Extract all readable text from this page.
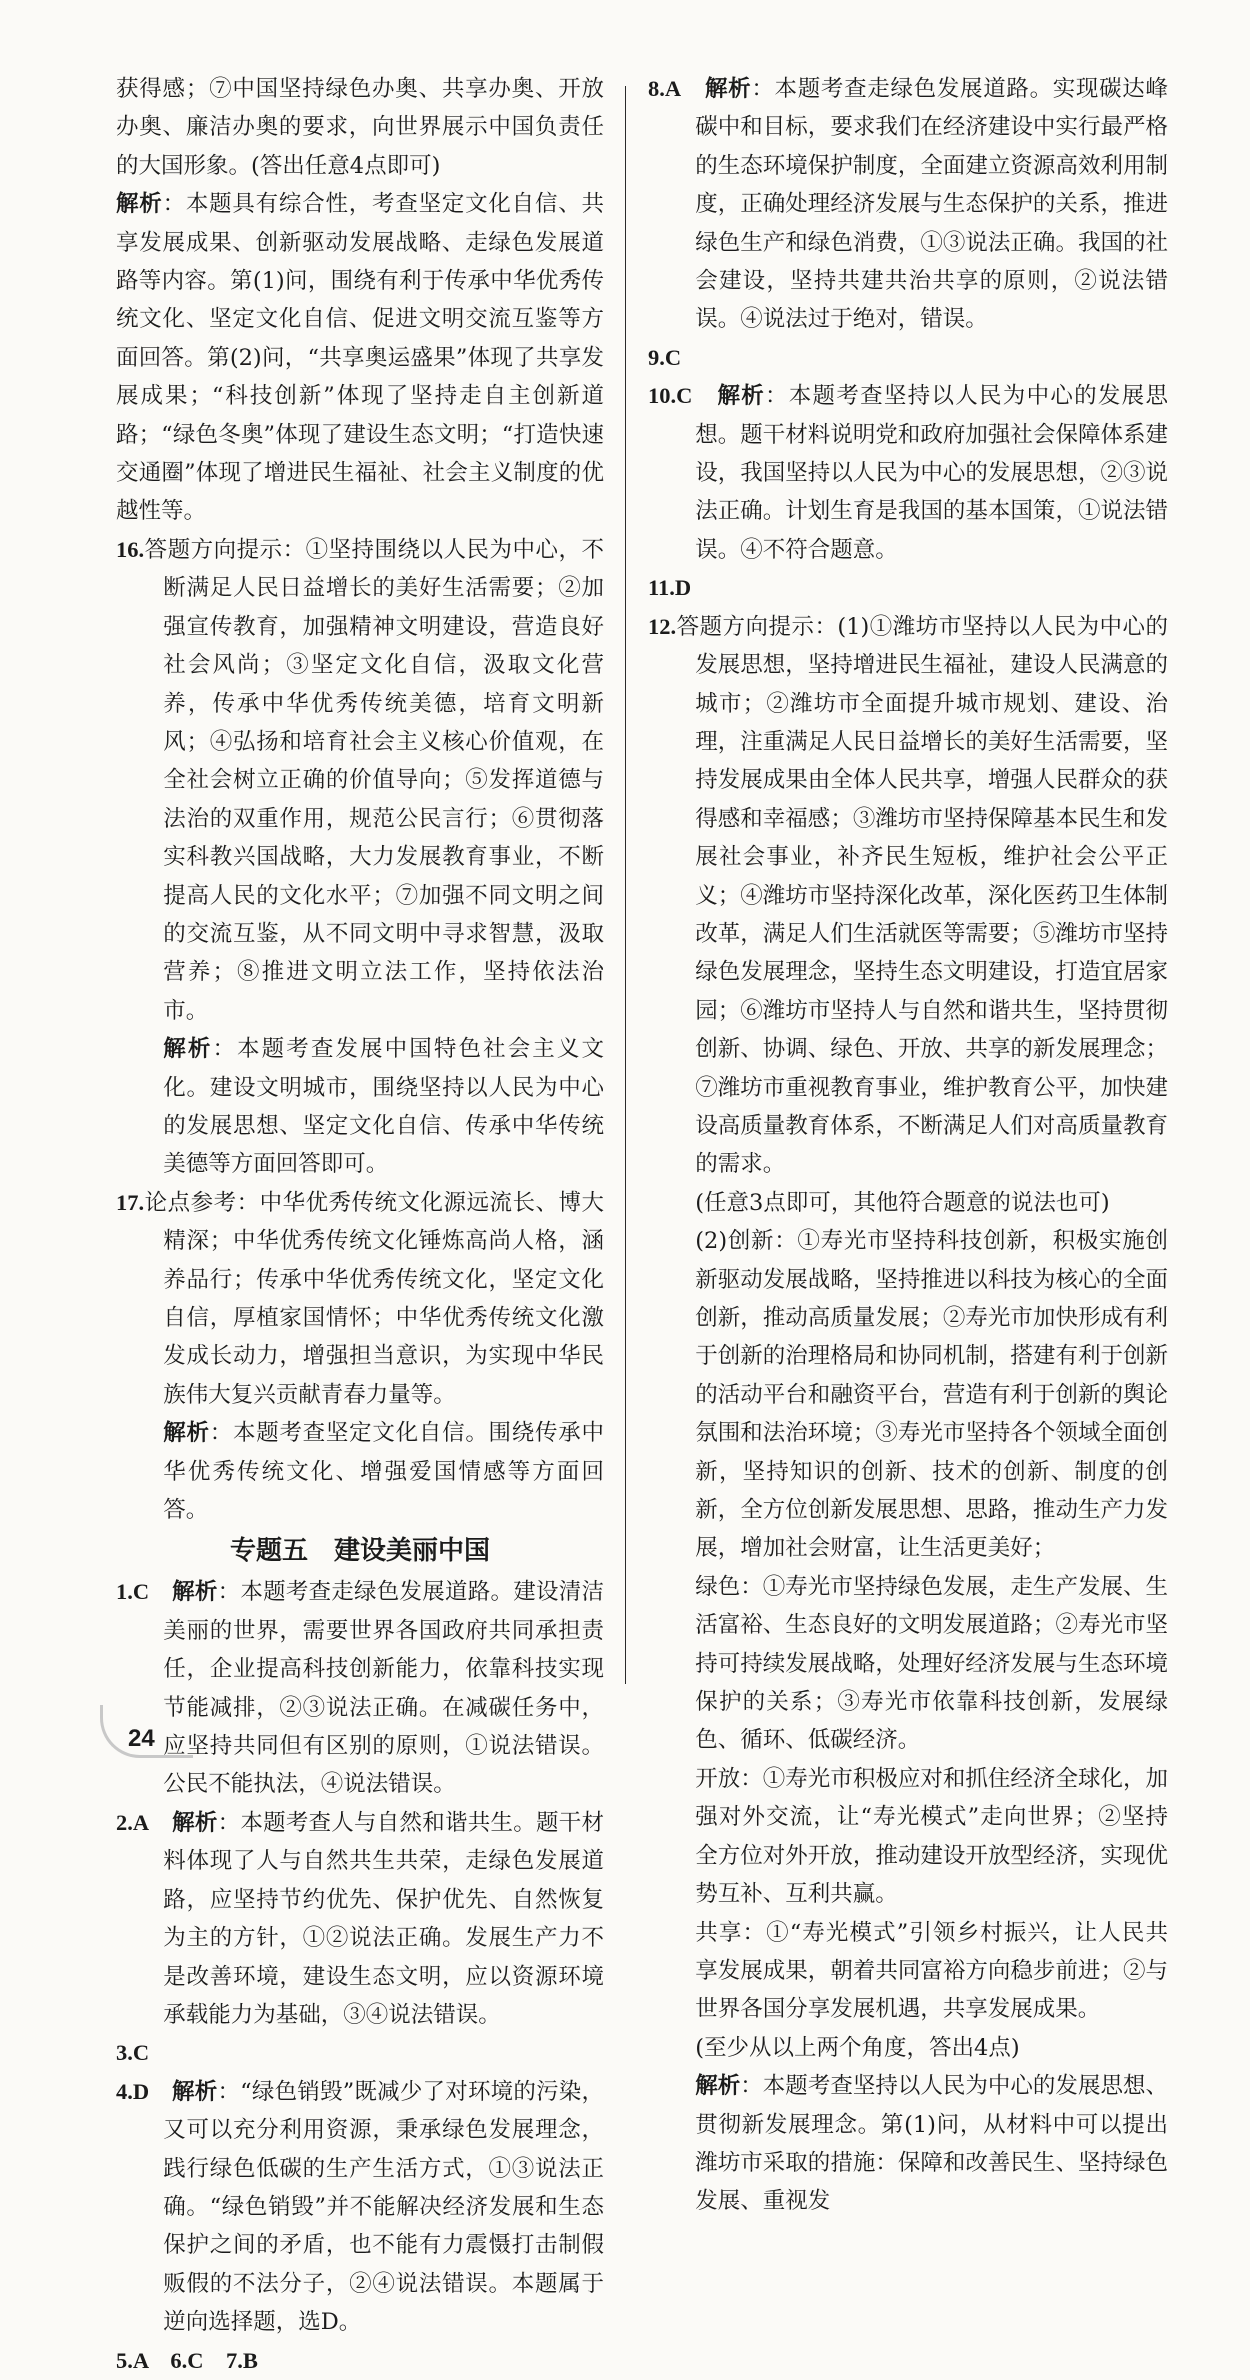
获得感；⑦中国坚持绿色办奥、共享办奥、开放办奥、廉洁办奥的要求，向世界展示中国负责任的大国形象。(答出任意4点即可)

解析：本题具有综合性，考查坚定文化自信、共享发展成果、创新驱动发展战略、走绿色发展道路等内容。第(1)问，围绕有利于传承中华优秀传统文化、坚定文化自信、促进文明交流互鉴等方面回答。第(2)问，“共享奥运盛果”体现了共享发展成果；“科技创新”体现了坚持走自主创新道路；“绿色冬奥”体现了建设生态文明；“打造快速交通圈”体现了增进民生福祉、社会主义制度的优越性等。

16.答题方向提示：①坚持围绕以人民为中心，不断满足人民日益增长的美好生活需要；②加强宣传教育，加强精神文明建设，营造良好社会风尚；③坚定文化自信，汲取文化营养，传承中华优秀传统美德，培育文明新风；④弘扬和培育社会主义核心价值观，在全社会树立正确的价值导向；⑤发挥道德与法治的双重作用，规范公民言行；⑥贯彻落实科教兴国战略，大力发展教育事业，不断提高人民的文化水平；⑦加强不同文明之间的交流互鉴，从不同文明中寻求智慧，汲取营养；⑧推进文明立法工作，坚持依法治市。

解析：本题考查发展中国特色社会主义文化。建设文明城市，围绕坚持以人民为中心的发展思想、坚定文化自信、传承中华传统美德等方面回答即可。

17.论点参考：中华优秀传统文化源远流长、博大精深；中华优秀传统文化锤炼高尚人格，涵养品行；传承中华优秀传统文化，坚定文化自信，厚植家国情怀；中华优秀传统文化激发成长动力，增强担当意识，为实现中华民族伟大复兴贡献青春力量等。

解析：本题考查坚定文化自信。围绕传承中华优秀传统文化、增强爱国情感等方面回答。

专题五　建设美丽中国

1.C　 解析：本题考查走绿色发展道路。建设清洁美丽的世界，需要世界各国政府共同承担责任，企业提高科技创新能力，依靠科技实现节能减排，②③说法正确。在减碳任务中，应坚持共同但有区别的原则，①说法错误。公民不能执法，④说法错误。

2.A　 解析：本题考查人与自然和谐共生。题干材料体现了人与自然共生共荣，走绿色发展道路，应坚持节约优先、保护优先、自然恢复为主的方针，①②说法正确。发展生产力不是改善环境，建设生态文明，应以资源环境承载能力为基础，③④说法错误。

3.C

4.D　 解析：“绿色销毁”既减少了对环境的污染，又可以充分利用资源，秉承绿色发展理念，践行绿色低碳的生产生活方式，①③说法正确。“绿色销毁”并不能解决经济发展和生态保护之间的矛盾，也不能有力震慑打击制假贩假的不法分子，②④说法错误。本题属于逆向选择题，选D。

5.A　6.C　7.B

8.A　 解析：本题考查走绿色发展道路。实现碳达峰碳中和目标，要求我们在经济建设中实行最严格的生态环境保护制度，全面建立资源高效利用制度，正确处理经济发展与生态保护的关系，推进绿色生产和绿色消费，①③说法正确。我国的社会建设，坚持共建共治共享的原则，②说法错误。④说法过于绝对，错误。

9.C

10.C　 解析：本题考查坚持以人民为中心的发展思想。题干材料说明党和政府加强社会保障体系建设，我国坚持以人民为中心的发展思想，②③说法正确。计划生育是我国的基本国策，①说法错误。④不符合题意。

11.D

12.答题方向提示：(1)①潍坊市坚持以人民为中心的发展思想，坚持增进民生福祉，建设人民满意的城市；②潍坊市全面提升城市规划、建设、治理，注重满足人民日益增长的美好生活需要，坚持发展成果由全体人民共享，增强人民群众的获得感和幸福感；③潍坊市坚持保障基本民生和发展社会事业，补齐民生短板，维护社会公平正义；④潍坊市坚持深化改革，深化医药卫生体制改革，满足人们生活就医等需要；⑤潍坊市坚持绿色发展理念，坚持生态文明建设，打造宜居家园；⑥潍坊市坚持人与自然和谐共生，坚持贯彻创新、协调、绿色、开放、共享的新发展理念；⑦潍坊市重视教育事业，维护教育公平，加快建设高质量教育体系，不断满足人们对高质量教育的需求。

(任意3点即可，其他符合题意的说法也可)

(2)创新：①寿光市坚持科技创新，积极实施创新驱动发展战略，坚持推进以科技为核心的全面创新，推动高质量发展；②寿光市加快形成有利于创新的治理格局和协同机制，搭建有利于创新的活动平台和融资平台，营造有利于创新的舆论氛围和法治环境；③寿光市坚持各个领域全面创新，坚持知识的创新、技术的创新、制度的创新，全方位创新发展思想、思路，推动生产力发展，增加社会财富，让生活更美好；

绿色：①寿光市坚持绿色发展，走生产发展、生活富裕、生态良好的文明发展道路；②寿光市坚持可持续发展战略，处理好经济发展与生态环境保护的关系；③寿光市依靠科技创新，发展绿色、循环、低碳经济。

开放：①寿光市积极应对和抓住经济全球化，加强对外交流，让“寿光模式”走向世界；②坚持全方位对外开放，推动建设开放型经济，实现优势互补、互利共赢。

共享：①“寿光模式”引领乡村振兴，让人民共享发展成果，朝着共同富裕方向稳步前进；②与世界各国分享发展机遇，共享发展成果。

(至少从以上两个角度，答出4点)

解析：本题考查坚持以人民为中心的发展思想、贯彻新发展理念。第(1)问，从材料中可以提出潍坊市采取的措施：保障和改善民生、坚持绿色发展、重视发

24
